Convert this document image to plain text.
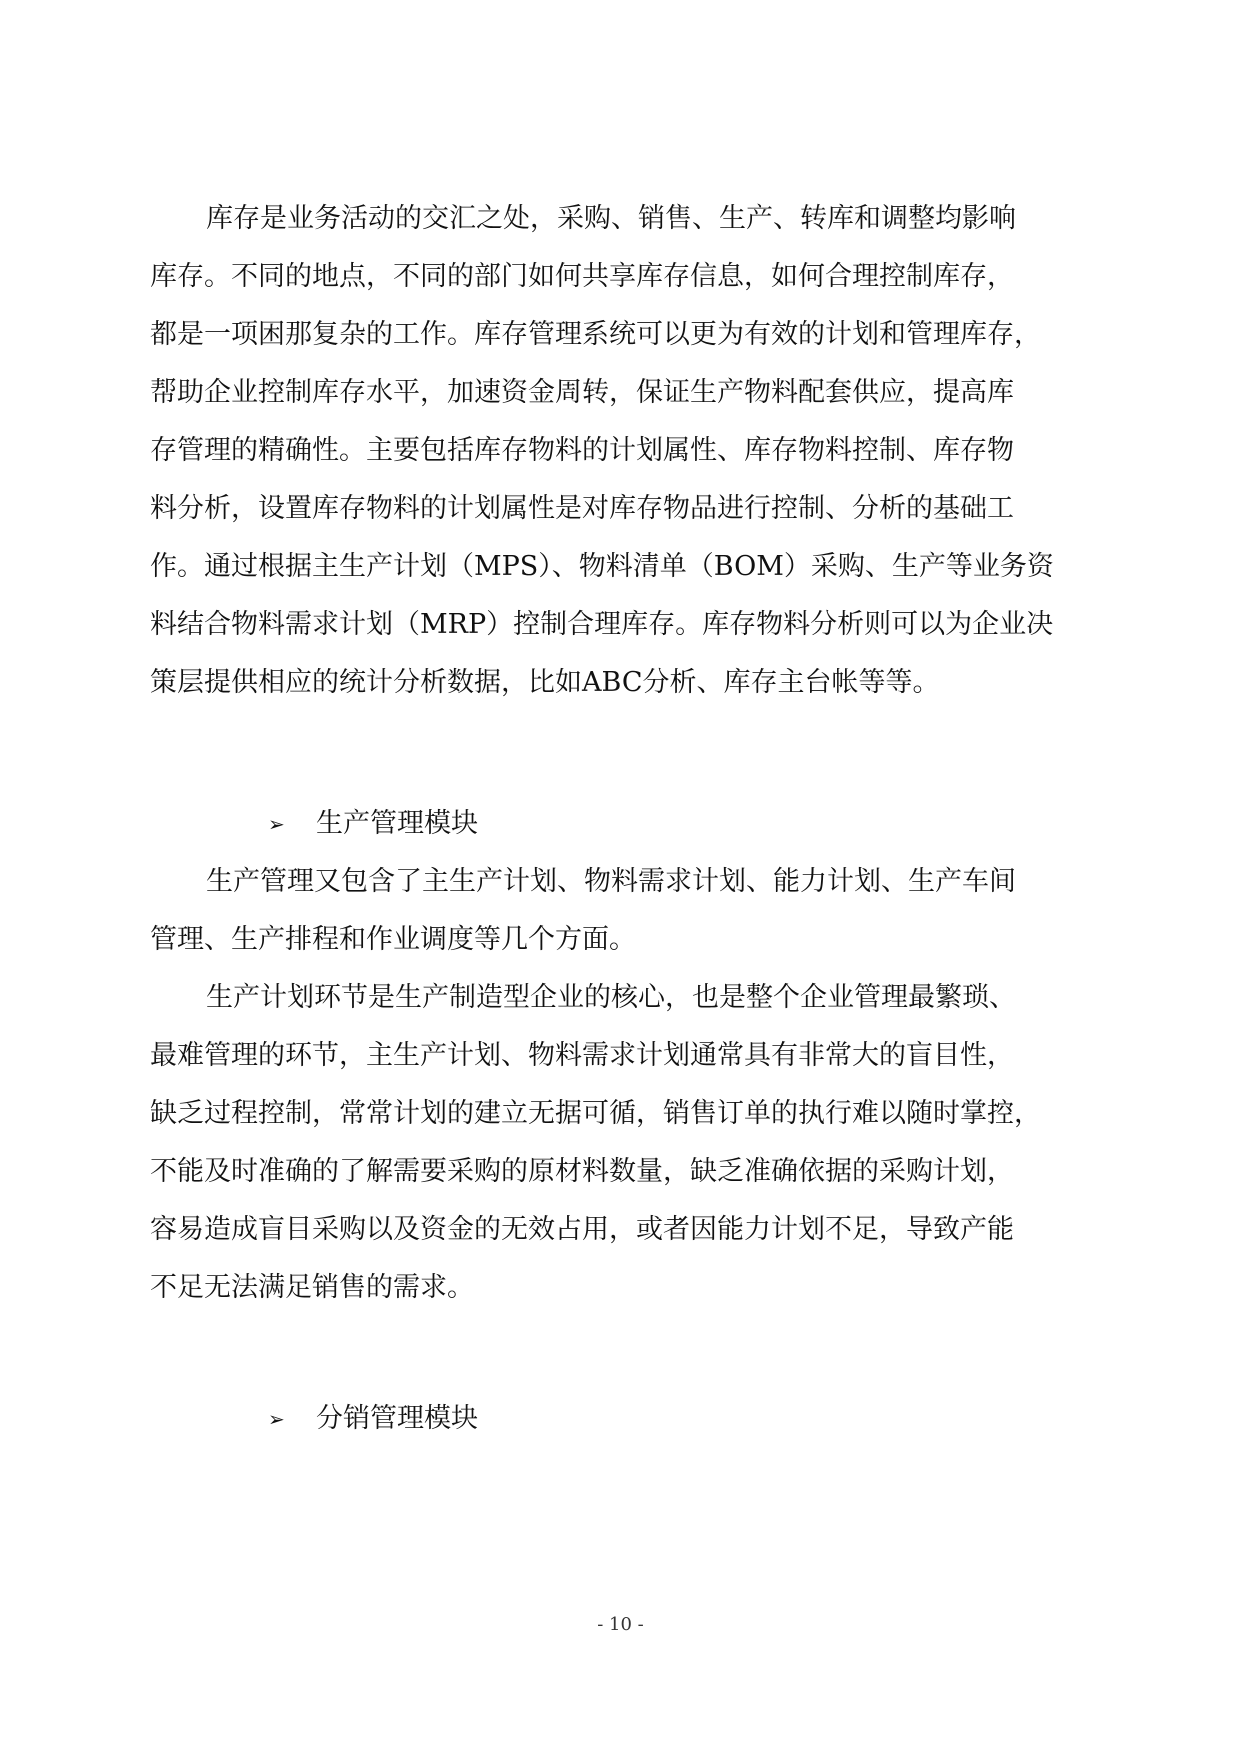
库存是业务活动的交汇之处，采购、销售、生产、转库和调整均影响
库存。不同的地点，不同的部门如何共享库存信息，如何合理控制库存，
都是一项困那复杂的工作。库存管理系统可以更为有效的计划和管理库存，
帮助企业控制库存水平，加速资金周转，保证生产物料配套供应，提高库
存管理的精确性。主要包括库存物料的计划属性、库存物料控制、库存物
料分析，设置库存物料的计划属性是对库存物品进行控制、分析的基础工
作。通过根据主生产计划（MPS）、物料清单（BOM）采购、生产等业务资
料结合物料需求计划（MRP）控制合理库存。库存物料分析则可以为企业决
策层提供相应的统计分析数据，比如ABC分析、库存主台帐等等。
➢ 生产管理模块
生产管理又包含了主生产计划、物料需求计划、能力计划、生产车间
管理、生产排程和作业调度等几个方面。
生产计划环节是生产制造型企业的核心，也是整个企业管理最繁琐、
最难管理的环节，主生产计划、物料需求计划通常具有非常大的盲目性，
缺乏过程控制，常常计划的建立无据可循，销售订单的执行难以随时掌控，
不能及时准确的了解需要采购的原材料数量，缺乏准确依据的采购计划，
容易造成盲目采购以及资金的无效占用，或者因能力计划不足，导致产能
不足无法满足销售的需求。
➢ 分销管理模块
- 10 -
